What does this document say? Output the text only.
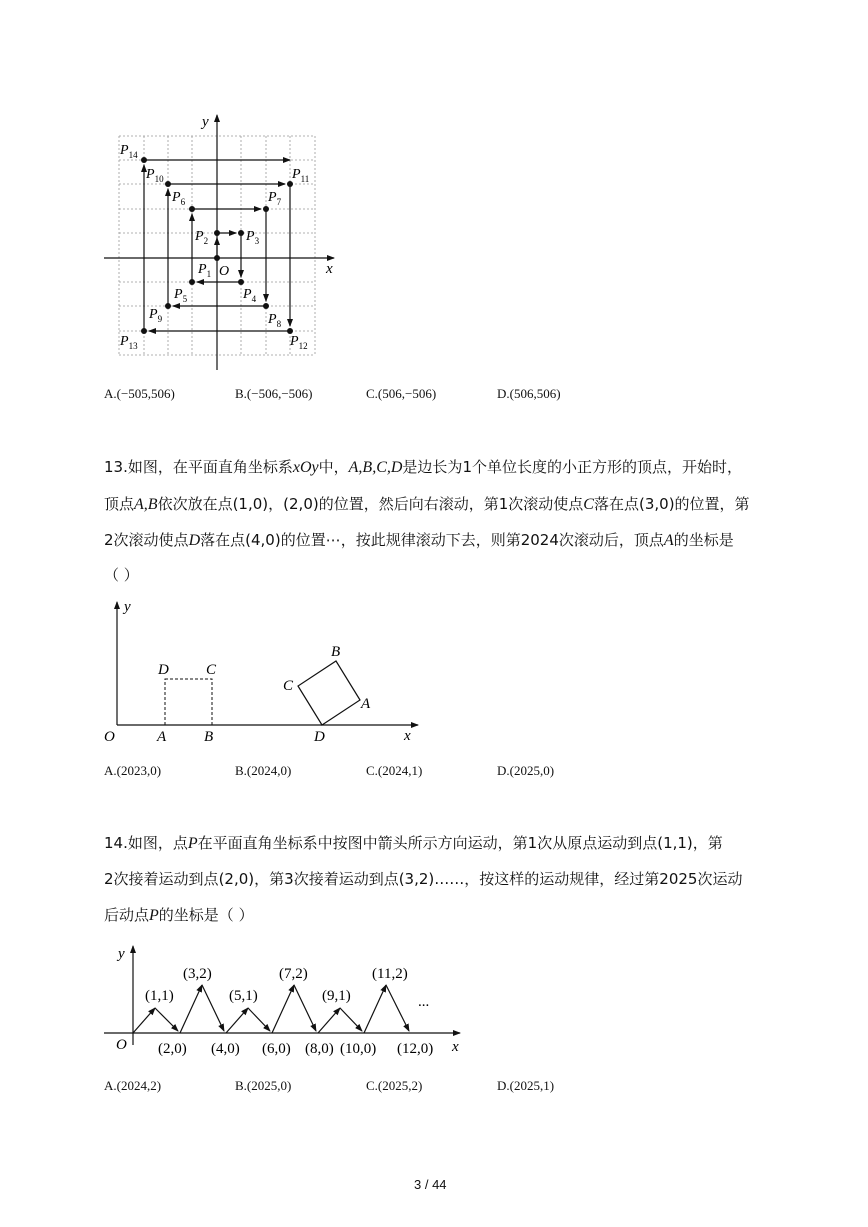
x
y
O
$P_1$
$P_2$	$P_3$
$P_4$
$P_5$
$P_6$	$P_7$
$P_8$
$P_9$
$P_{10}$	$P_{11}$
$P_{12}$
$P_{13}$
$P_{14}$
A.(−505,506)	B.(−506,−506)	C.(506,−506)	D.(506,506)
13.如图，在平面直角坐标系xOy中，A,B,C,D是边长为1个单位长度的小正方形的顶点，开始时，
顶点A,B依次放在点(1,0)，(2,0)的位置，然后向右滚动，第1次滚动使点C落在点(3,0)的位置，第
2次滚动使点D落在点(4,0)的位置⋯，按此规律滚动下去，则第2024次滚动后，顶点A的坐标是
（ ）
y
x
O	A	B
D C
D
A
B
C
A.(2023,0)	B.(2024,0)	C.(2024,1)	D.(2025,0)
14.如图，点P在平面直角坐标系中按图中箭头所示方向运动，第1次从原点运动到点(1,1)，第
2次接着运动到点(2,0)，第3次接着运动到点(3,2)……，按这样的运动规律，经过第2025次运动
后动点P的坐标是（ ）
y
x
O
(1,1)
(3,2)
(5,1)
(7,2)
(9,1)
(11,2)
...
(2,0) (4,0) (6,0) (8,0) (10,0) (12,0)
A.(2024,2)	B.(2025,0)	C.(2025,2)	D.(2025,1)
3 / 44
